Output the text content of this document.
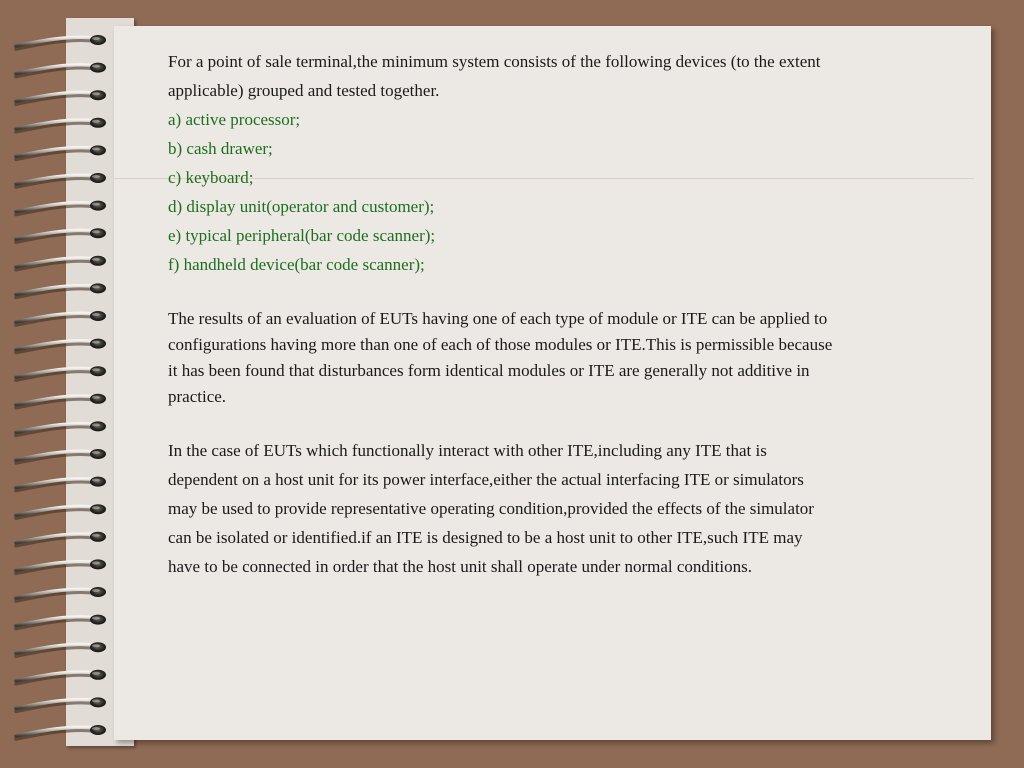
For a point of sale terminal,the minimum system consists of the following devices (to the extent
applicable) grouped and tested together.
a) active processor;
b) cash drawer;
c) keyboard;
d) display unit(operator and customer);
e) typical peripheral(bar code scanner);
f) handheld device(bar code scanner);
The results of an evaluation of EUTs having one of each type of module or ITE can be applied to
configurations having more than one of each of those modules or ITE.This is permissible because
it has been found that disturbances form identical modules or ITE are generally not additive in
practice.
In the case of EUTs which functionally interact with other ITE,including any ITE that is
dependent on a host unit for its power interface,either the actual interfacing ITE or simulators
may be used to provide representative operating condition,provided the effects of the simulator
can be isolated or identified.if an ITE is designed to be a host unit to other ITE,such ITE may
have to be connected in order that the host unit shall operate under normal conditions.
